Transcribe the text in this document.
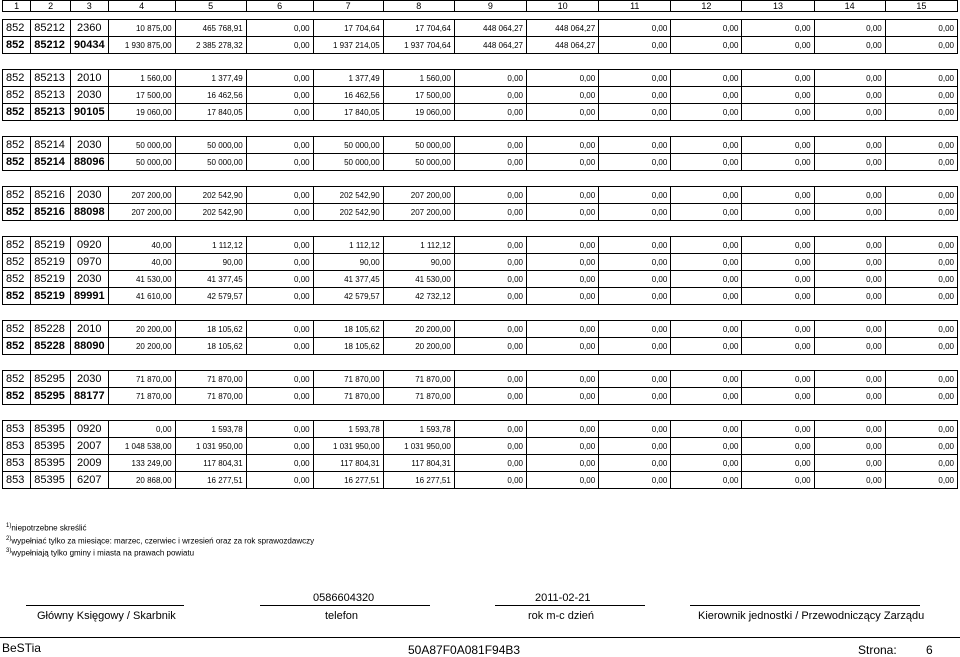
1	2	3	4	5	6	7	8	9	10	11	12	13	14	15

852	85212	2360	10 875,00	465 768,91	0,00	17 704,64	17 704,64	448 064,27	448 064,27	0,00	0,00	0,00	0,00	0,00
852	85212	90434	1 930 875,00	2 385 278,32	0,00	1 937 214,05	1 937 704,64	448 064,27	448 064,27	0,00	0,00	0,00	0,00	0,00

852	85213	2010	1 560,00	1 377,49	0,00	1 377,49	1 560,00	0,00	0,00	0,00	0,00	0,00	0,00	0,00
852	85213	2030	17 500,00	16 462,56	0,00	16 462,56	17 500,00	0,00	0,00	0,00	0,00	0,00	0,00	0,00
852	85213	90105	19 060,00	17 840,05	0,00	17 840,05	19 060,00	0,00	0,00	0,00	0,00	0,00	0,00	0,00

852	85214	2030	50 000,00	50 000,00	0,00	50 000,00	50 000,00	0,00	0,00	0,00	0,00	0,00	0,00	0,00
852	85214	88096	50 000,00	50 000,00	0,00	50 000,00	50 000,00	0,00	0,00	0,00	0,00	0,00	0,00	0,00

852	85216	2030	207 200,00	202 542,90	0,00	202 542,90	207 200,00	0,00	0,00	0,00	0,00	0,00	0,00	0,00
852	85216	88098	207 200,00	202 542,90	0,00	202 542,90	207 200,00	0,00	0,00	0,00	0,00	0,00	0,00	0,00

852	85219	0920	40,00	1 112,12	0,00	1 112,12	1 112,12	0,00	0,00	0,00	0,00	0,00	0,00	0,00
852	85219	0970	40,00	90,00	0,00	90,00	90,00	0,00	0,00	0,00	0,00	0,00	0,00	0,00
852	85219	2030	41 530,00	41 377,45	0,00	41 377,45	41 530,00	0,00	0,00	0,00	0,00	0,00	0,00	0,00
852	85219	89991	41 610,00	42 579,57	0,00	42 579,57	42 732,12	0,00	0,00	0,00	0,00	0,00	0,00	0,00

852	85228	2010	20 200,00	18 105,62	0,00	18 105,62	20 200,00	0,00	0,00	0,00	0,00	0,00	0,00	0,00
852	85228	88090	20 200,00	18 105,62	0,00	18 105,62	20 200,00	0,00	0,00	0,00	0,00	0,00	0,00	0,00

852	85295	2030	71 870,00	71 870,00	0,00	71 870,00	71 870,00	0,00	0,00	0,00	0,00	0,00	0,00	0,00
852	85295	88177	71 870,00	71 870,00	0,00	71 870,00	71 870,00	0,00	0,00	0,00	0,00	0,00	0,00	0,00

853	85395	0920	0,00	1 593,78	0,00	1 593,78	1 593,78	0,00	0,00	0,00	0,00	0,00	0,00	0,00
853	85395	2007	1 048 538,00	1 031 950,00	0,00	1 031 950,00	1 031 950,00	0,00	0,00	0,00	0,00	0,00	0,00	0,00
853	85395	2009	133 249,00	117 804,31	0,00	117 804,31	117 804,31	0,00	0,00	0,00	0,00	0,00	0,00	0,00
853	85395	6207	20 868,00	16 277,51	0,00	16 277,51	16 277,51	0,00	0,00	0,00	0,00	0,00	0,00	0,00
$^{1)}$niepotrzebne skreślić
$^{2)}$wypełniać tylko za miesiące: marzec, czerwiec i wrzesień oraz za rok sprawozdawczy
$^{3)}$wypełniają tylko gminy i miasta na prawach powiatu
0586604320	2011-02-21
Główny Księgowy / Skarbnik	telefon	rok m-c dzień	Kierownik jednostki / Przewodniczący Zarządu
BeSTia	50A87F0A081F94B3	Strona: 6
